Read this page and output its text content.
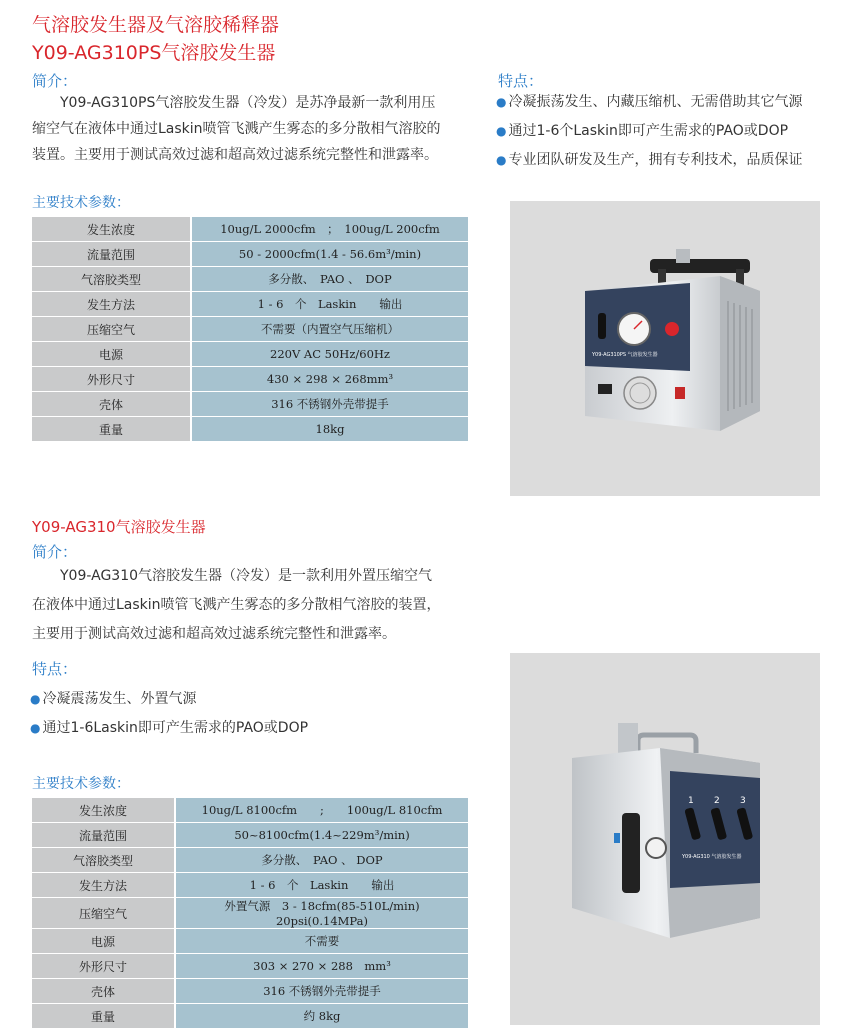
气溶胶发生器及气溶胶稀释器
Y09-AG310PS气溶胶发生器
简介：
Y09-AG310PS气溶胶发生器（冷发）是苏净最新一款利用压
缩空气在液体中通过Laskin喷管飞溅产生雾态的多分散相气溶胶的
装置。主要用于测试高效过滤和超高效过滤系统完整性和泄露率。
特点：
● 冷凝振荡发生、内藏压缩机、无需借助其它气源
● 通过1-6个Laskin即可产生需求的PAO或DOP
● 专业团队研发及生产，拥有专利技术，品质保证
主要技术参数：
发生浓度	10ug/L 2000cfm　；　100ug/L 200cfm
流量范围	50 - 2000cfm(1.4 - 56.6m³/min)
气溶胶类型	多分散、　PAO 、　DOP
发生方法	1 - 6　个　Laskin　　输出
压缩空气	不需要（内置空气压缩机）
电源	220V AC 50Hz/60Hz
外形尺寸	430 × 298 × 268mm³
壳体	316 不锈钢外壳带提手
重量	18kg
Y09-AG310PS 气溶胶发生器
Y09-AG310气溶胶发生器
简介：
Y09-AG310气溶胶发生器（冷发）是一款利用外置压缩空气
在液体中通过Laskin喷管飞溅产生雾态的多分散相气溶胶的装置，
主要用于测试高效过滤和超高效过滤系统完整性和泄露率。
特点：
● 冷凝震荡发生、外置气源
● 通过1-6Laskin即可产生需求的PAO或DOP
主要技术参数：
发生浓度	10ug/L 8100cfm　　;　　100ug/L 810cfm
流量范围	50~8100cfm(1.4~229m³/min)
气溶胶类型	多分散、　PAO 、 DOP
发生方法	1 - 6　个　Laskin　　输出
压缩空气	外置气源　3 - 18cfm(85-510L/min)　20psi(0.14MPa)
电源	不需要
外形尺寸	303 × 270 × 288　mm³
壳体	316 不锈钢外壳带提手
重量	约 8kg
1 2 3
Y09-AG310 气溶胶发生器
